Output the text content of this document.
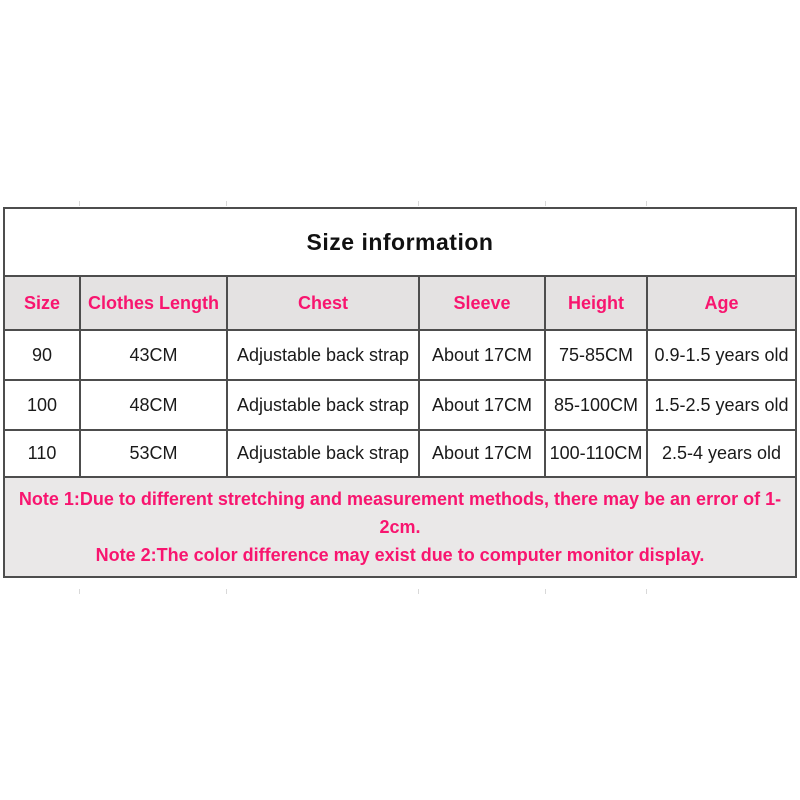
Size information					
Size	Clothes Length	Chest	Sleeve	Height	Age
90	43CM	Adjustable back strap	About 17CM	75-85CM	0.9-1.5 years old
100	48CM	Adjustable back strap	About 17CM	85-100CM	1.5-2.5 years old
110	53CM	Adjustable back strap	About 17CM	100-110CM	2.5-4 years old

Note 1:Due to different stretching and measurement methods, there may be an error of 1-2cm.
Note 2:The color difference may exist due to computer monitor display.					
